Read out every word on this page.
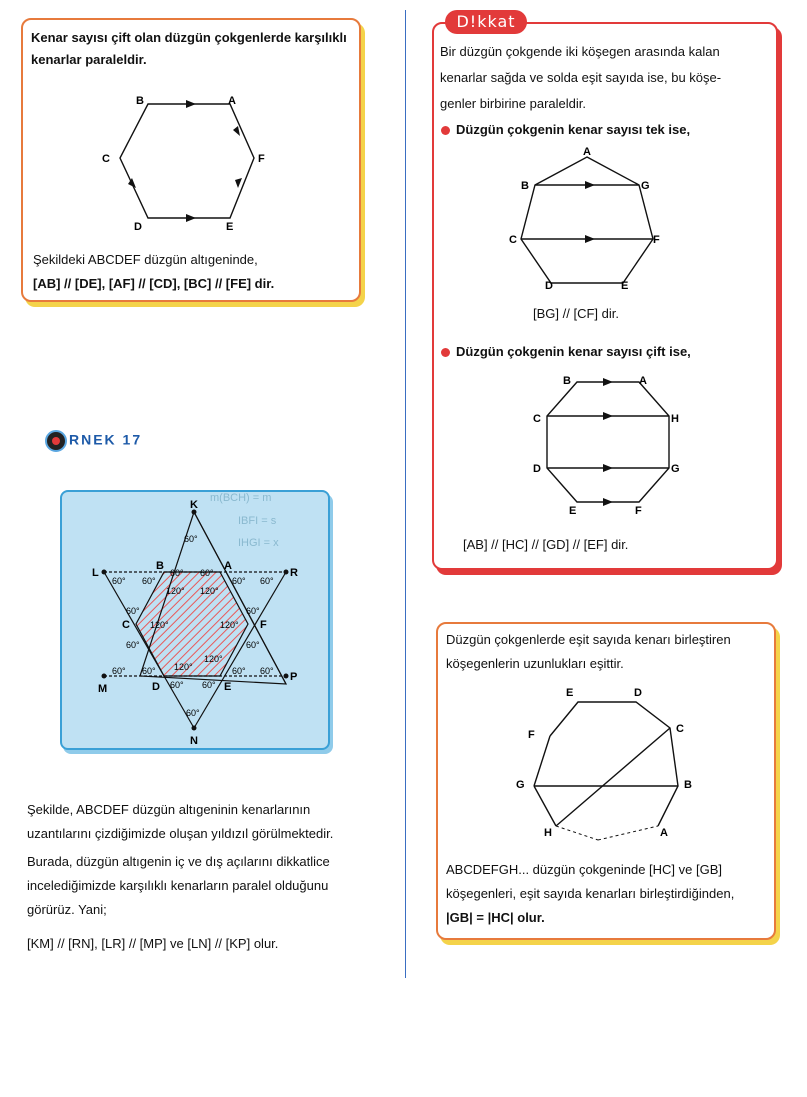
Kenar sayısı çift olan düzgün çokgenlerde karşılıklı
kenarlar paraleldir.
B	A
C	F
D	E
Şekildeki ABCDEF düzgün altıgeninde,
[AB] // [DE], [AF] // [CD], [BC] // [FE] dir.
D!kkat
Bir düzgün çokgende iki köşegen arasında kalan
kenarlar sağda ve solda eşit sayıda ise, bu köşe-
genler birbirine paraleldir.
Düzgün çokgenin kenar sayısı tek ise,
A
B	G
C	F
D	E
[BG] // [CF] dir.
Düzgün çokgenin kenar sayısı çift ise,
B	A
C	H
D	G
E	F
[AB] // [HC] // [GD] // [EF] dir.
RNEK 17
m(BCH) = m
IBFI = s
IHGI = x
K
L	R
M
P
N
B	A
C	F
D	E
60°
60° 60°
60° 60°
60° 60°
120° 120°
60°
120°
60°
120°
60°	60°
120°
120°
60° 60°	60° 60°
60° 60°
60°
Şekilde, ABCDEF düzgün altıgeninin kenarlarının
uzantılarını çizdiğimizde oluşan yıldızıl görülmektedir.
Burada, düzgün altıgenin iç ve dış açılarını dikkatlice
incelediğimizde karşılıklı kenarların paralel olduğunu
görürüz. Yani;
[KM] // [RN], [LR] // [MP] ve [LN] // [KP] olur.
Düzgün çokgenlerde eşit sayıda kenarı birleştiren
köşegenlerin uzunlukları eşittir.
E	D
F	C
G	B
H	A
ABCDEFGH... düzgün çokgeninde [HC] ve [GB]
köşegenleri, eşit sayıda kenarları birleştirdiğinden,
|GB| = |HC| olur.
